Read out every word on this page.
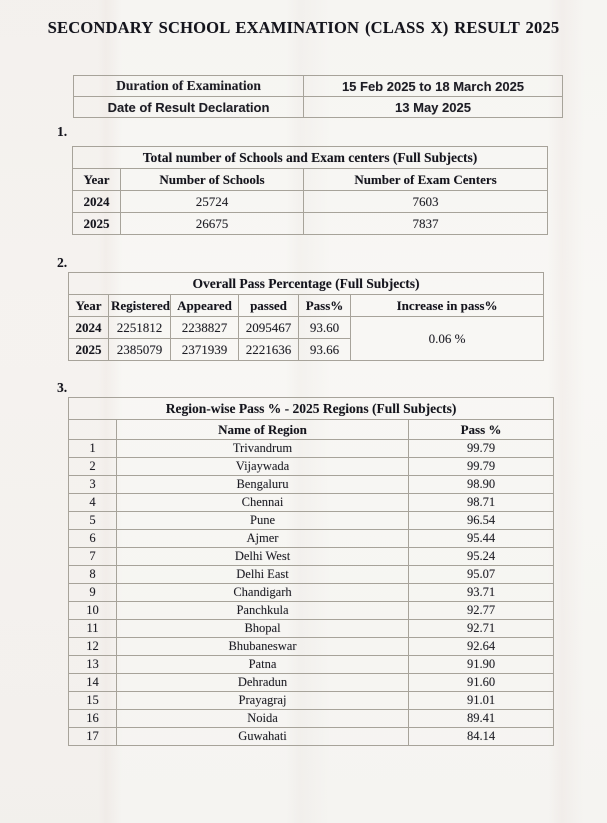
SECONDARY SCHOOL EXAMINATION (CLASS X) RESULT 2025
Duration of Examination	15 Feb 2025 to 18 March 2025
Date of Result Declaration	13 May 2025
1.
Total number of Schools and Exam centers (Full Subjects)		
Year	Number of Schools	Number of Exam Centers
2024	25724	7603
2025	26675	7837
2.
Overall Pass Percentage (Full Subjects)					
Year	Registered	Appeared	passed	Pass%	Increase in pass%
2024	2251812	2238827	2095467	93.60	0.06 %
2025	2385079	2371939	2221636	93.66	
3.
Region-wise Pass % - 2025 Regions (Full Subjects)		
	Name of Region	Pass %
1	Trivandrum	99.79
2	Vijaywada	99.79
3	Bengaluru	98.90
4	Chennai	98.71
5	Pune	96.54
6	Ajmer	95.44
7	Delhi West	95.24
8	Delhi East	95.07
9	Chandigarh	93.71
10	Panchkula	92.77
11	Bhopal	92.71
12	Bhubaneswar	92.64
13	Patna	91.90
14	Dehradun	91.60
15	Prayagraj	91.01
16	Noida	89.41
17	Guwahati	84.14
